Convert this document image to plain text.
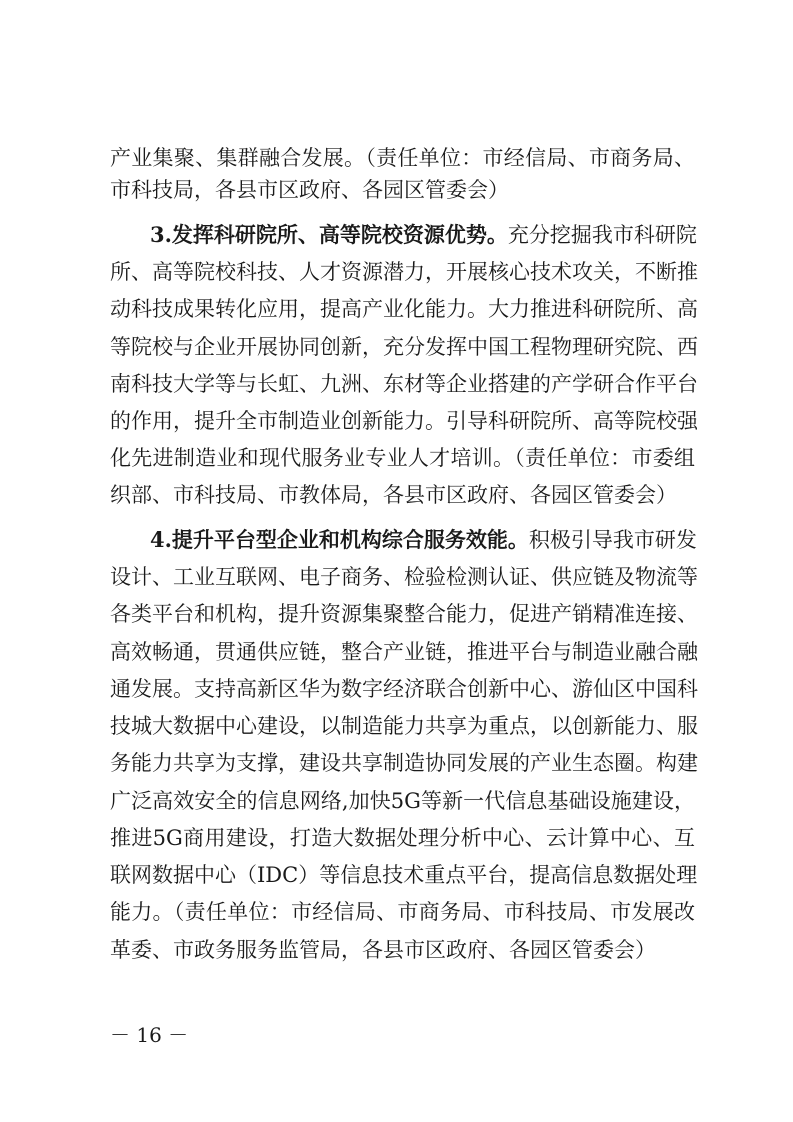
产业集聚、集群融合发展。（责任单位：市经信局、市商务局、
市科技局，各县市区政府、各园区管委会）
3.发挥科研院所、高等院校资源优势。充分挖掘我市科研院
所、高等院校科技、人才资源潜力，开展核心技术攻关，不断推
动科技成果转化应用，提高产业化能力。大力推进科研院所、高
等院校与企业开展协同创新，充分发挥中国工程物理研究院、西
南科技大学等与长虹、九洲、东材等企业搭建的产学研合作平台
的作用，提升全市制造业创新能力。引导科研院所、高等院校强
化先进制造业和现代服务业专业人才培训。（责任单位：市委组
织部、市科技局、市教体局，各县市区政府、各园区管委会）
4.提升平台型企业和机构综合服务效能。积极引导我市研发
设计、工业互联网、电子商务、检验检测认证、供应链及物流等
各类平台和机构，提升资源集聚整合能力，促进产销精准连接、
高效畅通，贯通供应链，整合产业链，推进平台与制造业融合融
通发展。支持高新区华为数字经济联合创新中心、游仙区中国科
技城大数据中心建设，以制造能力共享为重点，以创新能力、服
务能力共享为支撑，建设共享制造协同发展的产业生态圈。构建
广泛高效安全的信息网络,加快5G等新一代信息基础设施建设，
推进5G商用建设，打造大数据处理分析中心、云计算中心、互
联网数据中心（IDC）等信息技术重点平台，提高信息数据处理
能力。（责任单位：市经信局、市商务局、市科技局、市发展改
革委、市政务服务监管局，各县市区政府、各园区管委会）
－ 16 －
